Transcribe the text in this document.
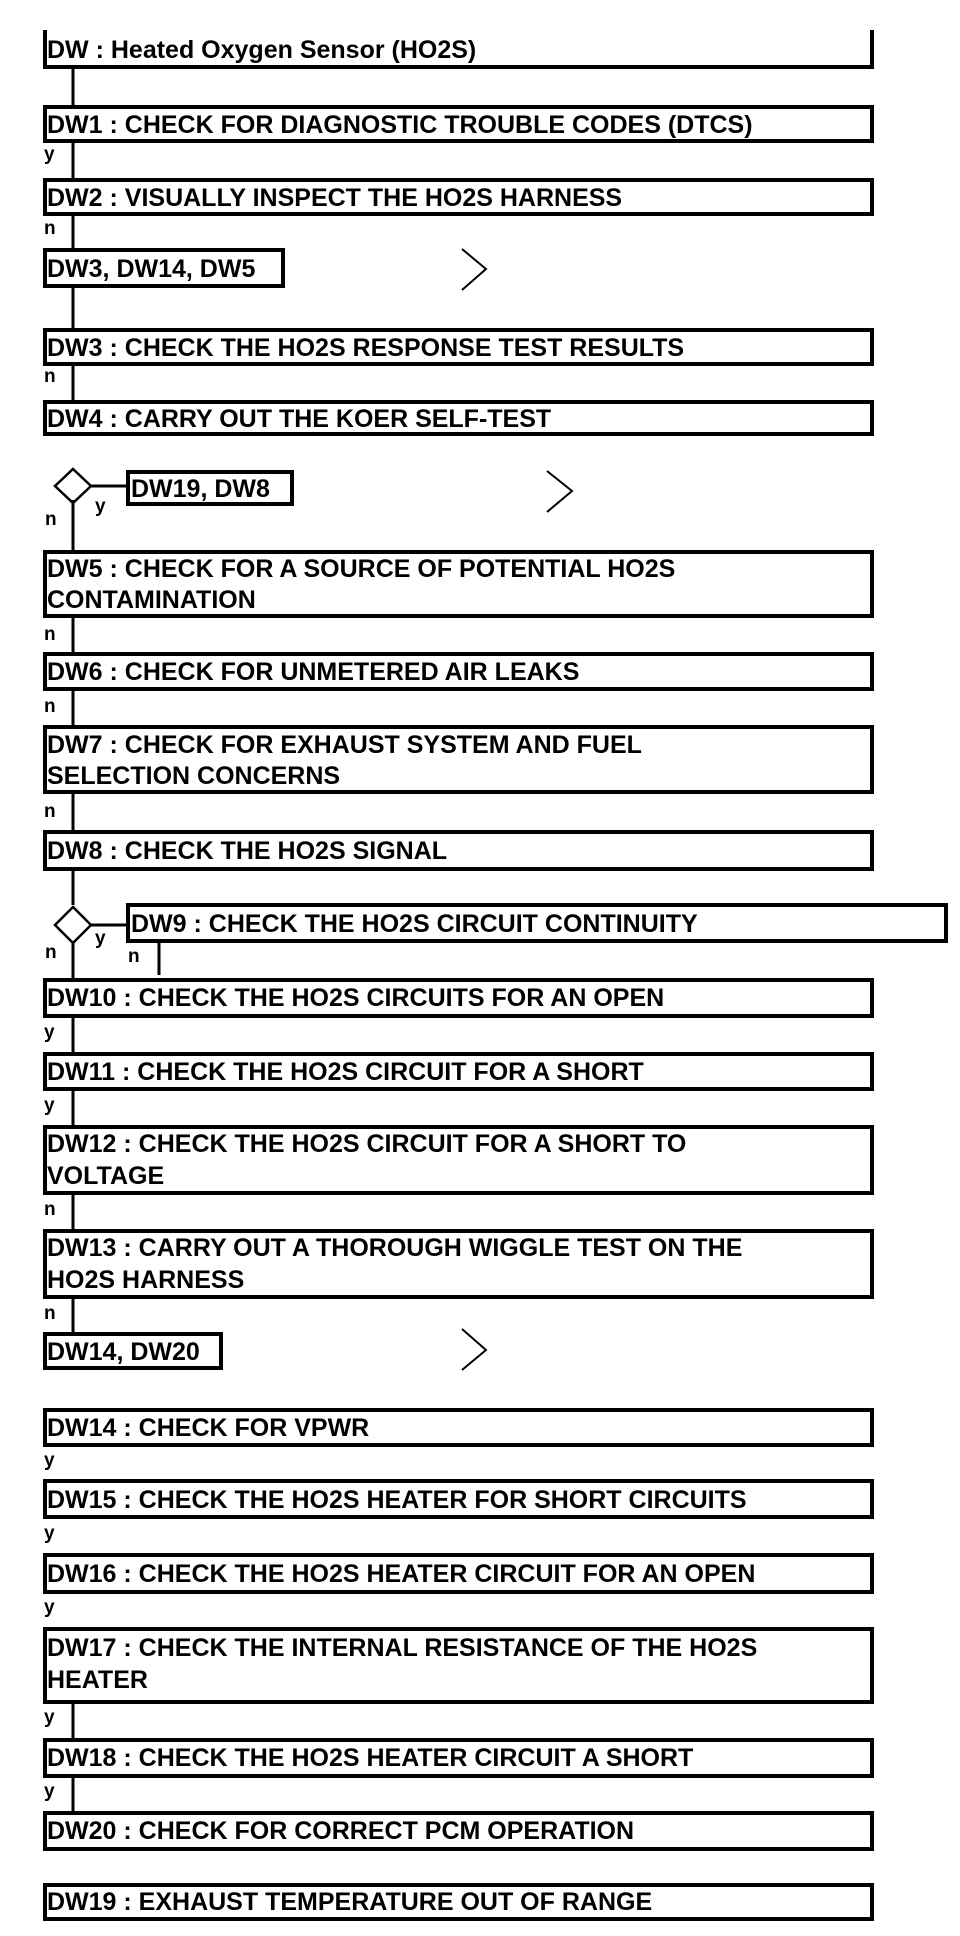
DW : Heated Oxygen Sensor (HO2S)
DW1 : CHECK FOR DIAGNOSTIC TROUBLE CODES (DTCS)
DW2 : VISUALLY INSPECT THE HO2S HARNESS
DW3 : CHECK THE HO2S RESPONSE TEST RESULTS
DW4 : CARRY OUT THE KOER SELF-TEST
DW5 : CHECK FOR A SOURCE OF POTENTIAL HO2S
CONTAMINATION
DW6 : CHECK FOR UNMETERED AIR LEAKS
DW7 : CHECK FOR EXHAUST SYSTEM AND FUEL
SELECTION CONCERNS
DW8 : CHECK THE HO2S SIGNAL
DW9 : CHECK THE HO2S CIRCUIT CONTINUITY
DW10 : CHECK THE HO2S CIRCUITS FOR AN OPEN
DW11 : CHECK THE HO2S CIRCUIT FOR A SHORT
DW12 : CHECK THE HO2S CIRCUIT FOR A SHORT TO
VOLTAGE
DW13 : CARRY OUT A THOROUGH WIGGLE TEST ON THE
HO2S HARNESS
DW14 : CHECK FOR VPWR
DW15 : CHECK THE HO2S HEATER FOR SHORT CIRCUITS
DW16 : CHECK THE HO2S HEATER CIRCUIT FOR AN OPEN
DW17 : CHECK THE INTERNAL RESISTANCE OF THE HO2S
HEATER
DW18 : CHECK THE HO2S HEATER CIRCUIT A SHORT
DW20 : CHECK FOR CORRECT PCM OPERATION
DW19 : EXHAUST TEMPERATURE OUT OF RANGE
DW3, DW14, DW5
DW19, DW8
DW14, DW20
y
n
n
n
y
n
n
n
n
y
n
y
y
n
n
y
y
y
y
y
